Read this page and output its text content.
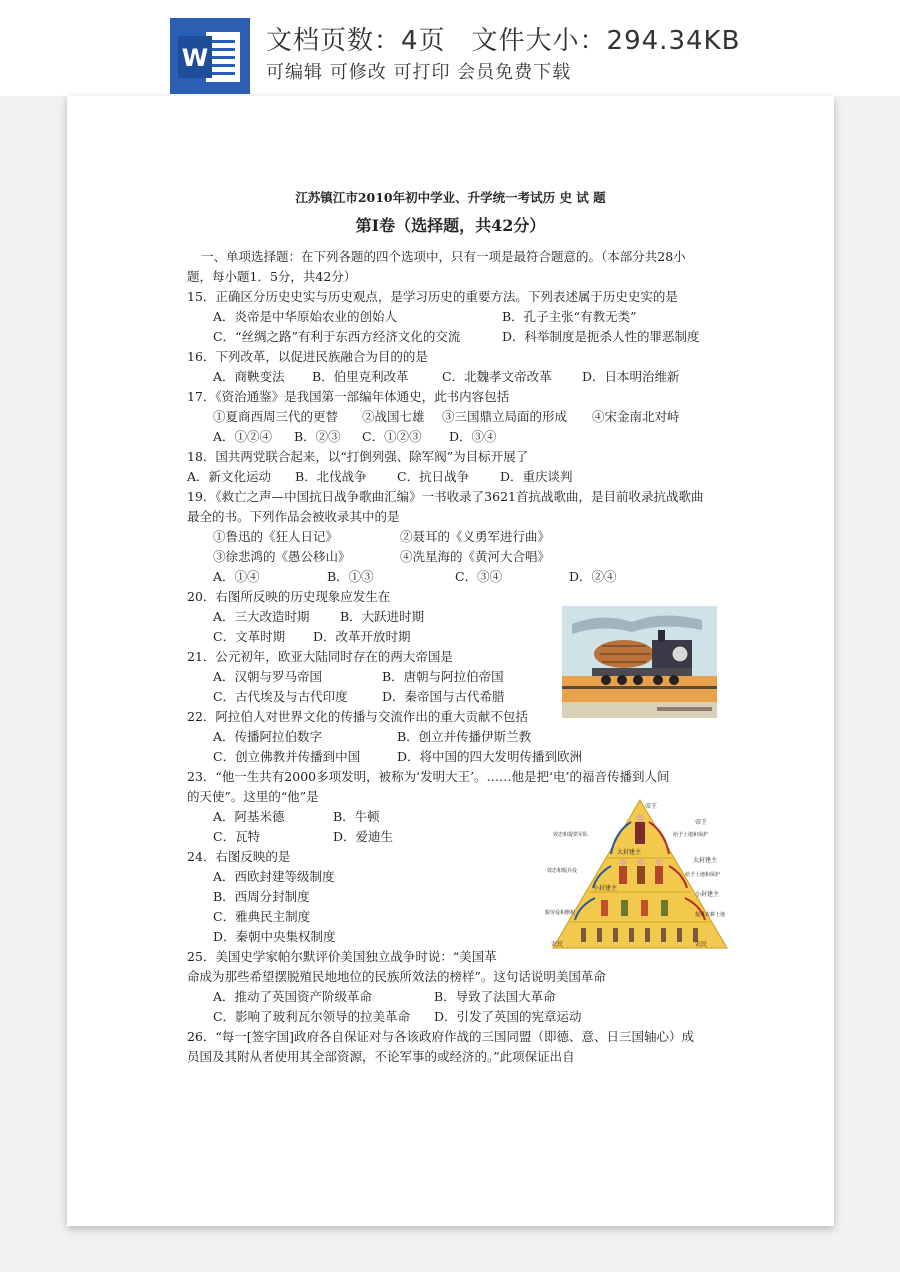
W
文档页数：4页 文件大小：294.34KB
可编辑 可修改 可打印 会员免费下载
江苏镇江市2010年初中学业、升学统一考试历 史 试 题
第Ⅰ卷（选择题，共42分）
一、单项选择题：在下列各题的四个选项中，只有一项是最符合题意的。（本部分共28小
题，每小题1．5分，共42分）
15．正确区分历史史实与历史观点，是学习历史的重要方法。下列表述属于历史史实的是
A．炎帝是中华原始农业的创始人	B．孔子主张“有教无类”
C．“丝绸之路”有利于东西方经济文化的交流	D．科举制度是扼杀人性的罪恶制度
16．下列改革，以促进民族融合为目的的是
A．商鞅变法 B．伯里克利改革	C．北魏孝文帝改革 D．日本明治维新
17．《资治通鉴》是我国第一部编年体通史，此书内容包括
①夏商西周三代的更替 ②战国七雄 ③三国鼎立局面的形成 ④宋金南北对峙
A．①②④ B．②③ C．①②③ D．③④
18．国共两党联合起来，以“打倒列强、除军阀”为目标开展了
A．新文化运动 B．北伐战争 C．抗日战争 D．重庆谈判
19．《救亡之声—中国抗日战争歌曲汇编》一书收录了3621首抗战歌曲，是目前收录抗战歌曲
最全的书。下列作品会被收录其中的是
①鲁迅的《狂人日记》	②聂耳的《义勇军进行曲》
③徐悲鸿的《愚公移山》	④冼星海的《黄河大合唱》
A．①④	B．①③	C．③④	D．②④
20．右图所反映的历史现象应发生在
A．三大改造时期 B．大跃进时期
C．文革时期 D．改革开放时期
21．公元初年，欧亚大陆同时存在的两大帝国是
A．汉朝与罗马帝国	B．唐朝与阿拉伯帝国
C．古代埃及与古代印度	D．秦帝国与古代希腊
22．阿拉伯人对世界文化的传播与交流作出的重大贡献不包括
A．传播阿拉伯数字	B．创立并传播伊斯兰教
C．创立佛教并传播到中国	D．将中国的四大发明传播到欧洲
23．“他一生共有2000多项发明，被称为‘发明大王’。……他是把‘电’的福音传播到人间
的天使”。这里的“他”是
A．阿基米德	B．牛顿
C．瓦特	D．爱迪生
24．右图反映的是
A．西欧封建等级制度
B．西周分封制度
C．雅典民主制度
D．秦朝中央集权制度
25．美国史学家帕尔默评价美国独立战争时说：“美国革
命成为那些希望摆脱殖民地地位的民族所效法的榜样”。这句话说明美国革命
A．推动了英国资产阶级革命	B．导致了法国大革命
C．影响了玻利瓦尔领导的拉美革命 D．引发了英国的宪章运动
26．“每一[签字国]政府各自保证对与各该政府作战的三国同盟（即德、意、日三国轴心）成
员国及其附从者使用其全部资源，不论军事的或经济的。”此项保证出自
帝王
大封建主
小封建主
农民	农民
帝王
大封建主
小封建主
效忠和提供军队
效忠和服兵役
服劳役和缴租
给予土地和保护
给予土地和保护
提供农耕土地
